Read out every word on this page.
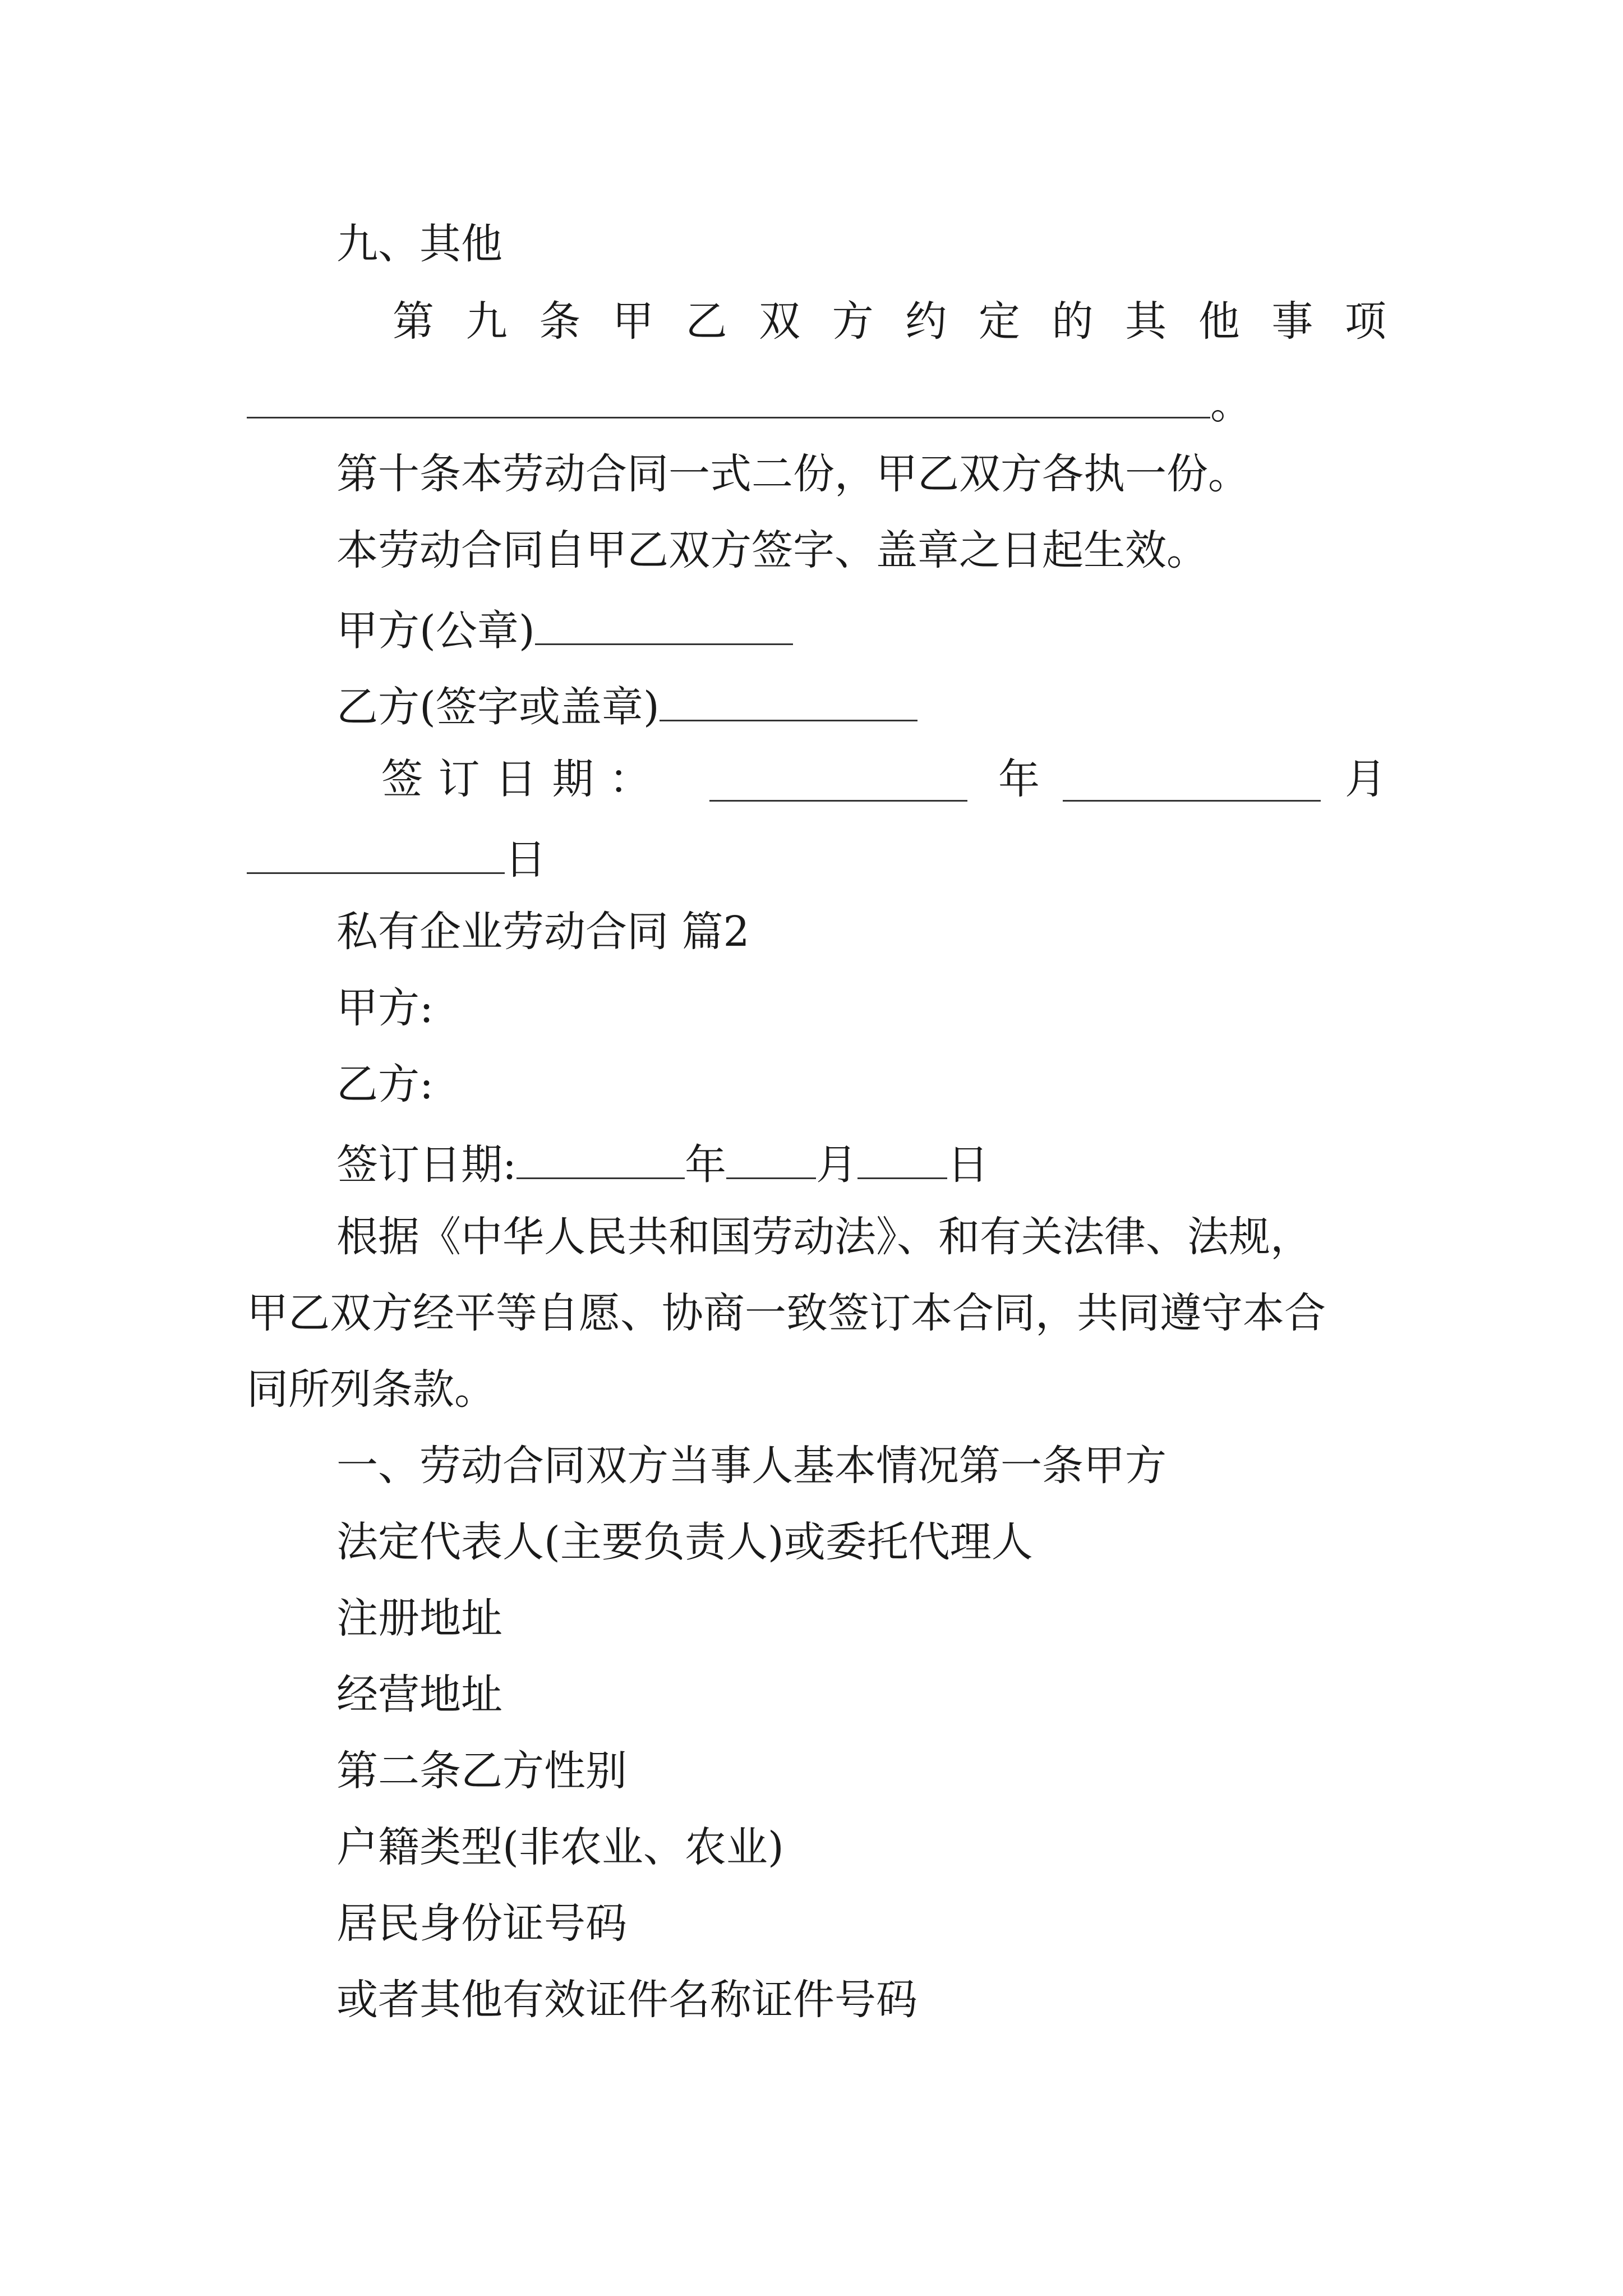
九、其他
第 九 条 甲 乙 双 方 约 定 的 其 他 事 项
。
第十条本劳动合同一式二份，甲乙双方各执一份。
本劳动合同自甲乙双方签字、盖章之日起生效。
甲方(公章)
乙方(签字或盖章)
签 订 日 期 ：	年	月
日
私有企业劳动合同 篇2
甲方:
乙方:
签订日期:	年 月 日
根据《中华人民共和国劳动法》、和有关法律、法规，
甲乙双方经平等自愿、协商一致签订本合同，共同遵守本合
同所列条款。
一、劳动合同双方当事人基本情况第一条甲方
法定代表人(主要负责人)或委托代理人
注册地址
经营地址
第二条乙方性别
户籍类型(非农业、农业)
居民身份证号码
或者其他有效证件名称证件号码
